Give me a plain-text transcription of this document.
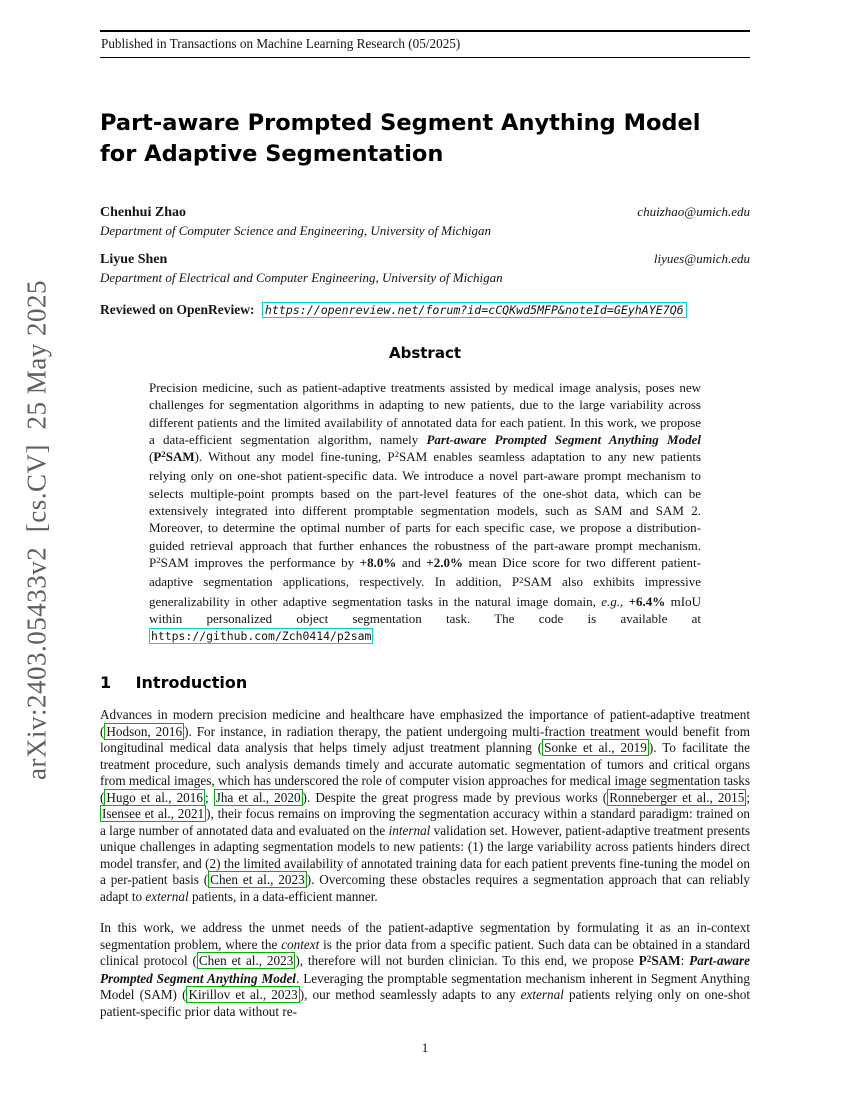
arXiv:2403.05433v2  [cs.CV]  25 May 2025
Published in Transactions on Machine Learning Research (05/2025)
Part-aware Prompted Segment Anything Model
for Adaptive Segmentation
Chenhui Zhao	chuizhao@umich.edu
Department of Computer Science and Engineering, University of Michigan
Liyue Shen	liyues@umich.edu
Department of Electrical and Computer Engineering, University of Michigan
Reviewed on OpenReview: https://openreview.net/forum?id=cCQKwd5MFP&noteId=GEyhAYE7Q6
Abstract
Precision medicine, such as patient-adaptive treatments assisted by medical image analysis, poses new challenges for segmentation algorithms in adapting to new patients, due to the large variability across different patients and the limited availability of annotated data for each patient. In this work, we propose a data-efficient segmentation algorithm, namely Part-aware Prompted Segment Anything Model $(P^2SAM)$. Without any model fine-tuning, $P^2SAM$ enables seamless adaptation to any new patients relying only on one-shot patient-specific data. We introduce a novel part-aware prompt mechanism to selects multiple-point prompts based on the part-level features of the one-shot data, which can be extensively integrated into different promptable segmentation models, such as SAM and SAM 2. Moreover, to determine the optimal number of parts for each specific case, we propose a distribution-guided retrieval approach that further enhances the robustness of the part-aware prompt mechanism. $P^2SAM$ improves the performance by +8.0% and +2.0% mean Dice score for two different patient-adaptive segmentation applications, respectively. In addition, $P^2SAM$ also exhibits impressive generalizability in other adaptive segmentation tasks in the natural image domain, e.g., +6.4% mIoU within personalized object segmentation task. The code is available at https://github.com/Zch0414/p2sam
1 Introduction

Advances in modern precision medicine and healthcare have emphasized the importance of patient-adaptive treatment ( Hodson, 2016 ). For instance, in radiation therapy, the patient undergoing multi-fraction treatment would benefit from longitudinal medical data analysis that helps timely adjust treatment planning ( Sonke et al., 2019 ). To facilitate the treatment procedure, such analysis demands timely and accurate automatic segmentation of tumors and critical organs from medical images, which has underscored the role of computer vision approaches for medical image segmentation tasks ( Hugo et al., 2016 ; Jha et al., 2020 ). Despite the great progress made by previous works ( Ronneberger et al., 2015 ; Isensee et al., 2021 ), their focus remains on improving the segmentation accuracy within a standard paradigm: trained on a large number of annotated data and evaluated on the internal validation set. However, patient-adaptive treatment presents unique challenges in adapting segmentation models to new patients: (1) the large variability across patients hinders direct model transfer, and (2) the limited availability of annotated training data for each patient prevents fine-tuning the model on a per-patient basis ( Chen et al., 2023 ). Overcoming these obstacles requires a segmentation approach that can reliably adapt to external patients, in a data-efficient manner.

In this work, we address the unmet needs of the patient-adaptive segmentation by formulating it as an in-context segmentation problem, where the context is the prior data from a specific patient. Such data can be obtained in a standard clinical protocol ( Chen et al., 2023 ), therefore will not burden clinician. To this end, we propose $P^2SAM$: Part-aware Prompted Segment Anything Model. Leveraging the promptable segmentation mechanism inherent in Segment Anything Model (SAM) ( Kirillov et al., 2023 ), our method seamlessly adapts to any external patients relying only on one-shot patient-specific prior data without re-

1
